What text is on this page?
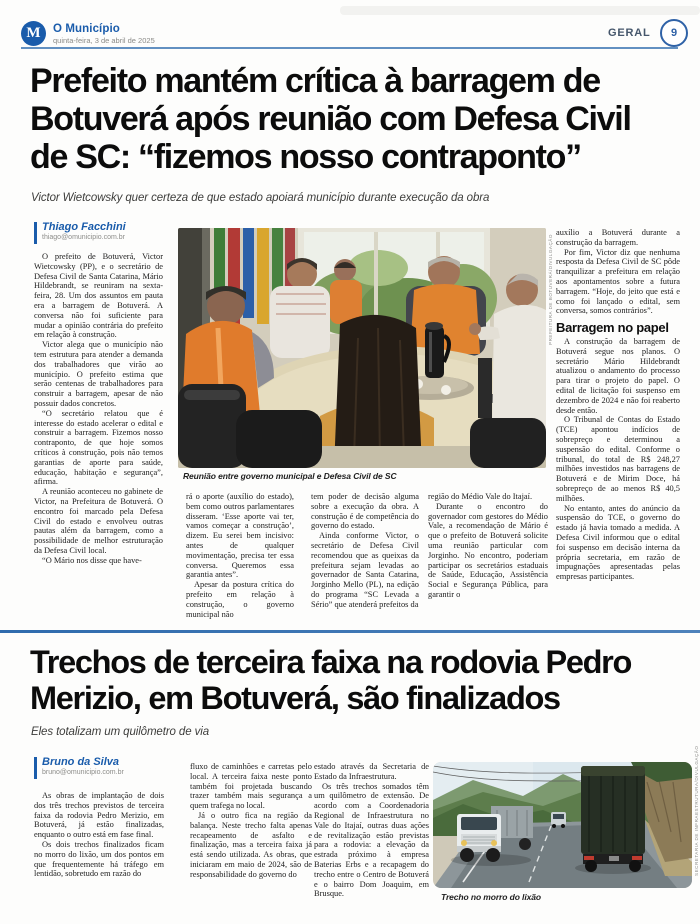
M O Município
quinta-feira, 3 de abril de 2025
GERAL 9
Prefeito mantém crítica à barragem de
Botuverá após reunião com Defesa Civil
de SC: “fizemos nosso contraponto”
Victor Wietcowsky quer certeza de que estado apoiará município durante execução da obra
Thiago Facchini
thiago@omunicipio.com.br

O prefeito de Botuverá, Victor Wietcowsky (PP), e o secretário de Defesa Civil de Santa Catarina, Mário Hildebrandt, se reuniram na sexta-feira, 28. Um dos assuntos em pauta era a barragem de Botuverá. A conversa não foi suficiente para mudar a opinião contrária do prefeito em relação à construção.

Victor alega que o município não tem estrutura para atender a demanda dos trabalhadores que virão ao município. O prefeito estima que serão centenas de trabalhadores para construir a barragem, apesar de não possuir dados concretos.

“O secretário relatou que é interesse do estado acelerar o edital e construir a barragem. Fizemos nosso contraponto, de que hoje somos críticos à construção, pois não temos garantias de aporte para saúde, educação, habitação e segurança”, afirma.

A reunião aconteceu no gabinete de Victor, na Prefeitura de Botuverá. O encontro foi marcado pela Defesa Civil do estado e envolveu outras pautas além da barragem, como a possibilidade de melhor estruturação da Defesa Civil local.

“O Mário nos disse que have-

Reunião entre governo municipal e Defesa Civil de SC
PREFEITURA DE BOTUVERÁ/DIVULGAÇÃO

rá o aporte (auxílio do estado), bem como outros parlamentares disseram. ‘Esse aporte vai ter, vamos começar a construção’, dizem. Eu serei bem incisivo: antes de qualquer movimentação, precisa ter essa conversa. Queremos essa garantia antes”.

Apesar da postura crítica do prefeito em relação à construção, o governo municipal não

tem poder de decisão alguma sobre a execução da obra. A construção é de competência do governo do estado.

Ainda conforme Victor, o secretário de Defesa Civil recomendou que as queixas da prefeitura sejam levadas ao governador de Santa Catarina, Jorginho Mello (PL), na edição do programa “SC Levada a Sério” que atenderá prefeitos da

região do Médio Vale do Itajaí.

Durante o encontro do governador com gestores do Médio Vale, a recomendação de Mário é que o prefeito de Botuverá solicite uma reunião particular com Jorginho. No encontro, poderiam participar os secretários estaduais de Saúde, Educação, Assistência Social e Segurança Pública, para garantir o

auxílio a Botuverá durante a construção da barragem.

Por fim, Victor diz que nenhuma resposta da Defesa Civil de SC pôde tranquilizar a prefeitura em relação aos apontamentos sobre a futura barragem. “Hoje, do jeito que está e como foi lançado o edital, sem conversa, somos contrários”.

Barragem no papel

A construção da barragem de Botuverá segue nos planos. O secretário Mário Hildebrandt atualizou o andamento do processo para tirar o projeto do papel. O edital de licitação foi suspenso em dezembro de 2024 e não foi reaberto desde então.

O Tribunal de Contas do Estado (TCE) apontou indícios de sobrepreço e determinou a suspensão do edital. Conforme o tribunal, do total de R$ 248,27 milhões investidos nas barragens de Botuverá e de Mirim Doce, há sobrepreço de ao menos R$ 40,5 milhões.

No entanto, antes do anúncio da suspensão do TCE, o governo do estado já havia tomado a medida. A Defesa Civil informou que o edital foi suspenso em decisão interna da própria secretaria, em razão de impugnações apresentadas pelas empresas participantes.

Trechos de terceira faixa na rodovia Pedro
Merizio, em Botuverá, são finalizados
Eles totalizam um quilômetro de via
Bruno da Silva
bruno@omunicipio.com.br

As obras de implantação de dois dos três trechos previstos de terceira faixa da rodovia Pedro Merizio, em Botuverá, já estão finalizadas, enquanto o outro está em fase final.

Os dois trechos finalizados ficam no morro do lixão, um dos pontos em que frequentemente há tráfego em lentidão, sobretudo em razão do

fluxo de caminhões e carretas pelo local. A terceira faixa neste ponto também foi projetada buscando trazer também mais segurança a quem trafega no local.

Já o outro fica na região da balança. Neste trecho falta apenas recapeamento de asfalto e finalização, mas a terceira faixa já está sendo utilizada. As obras, que iniciaram em maio de 2024, são de responsabilidade do governo do

estado através da Secretaria de Estado da Infraestrutura.

Os três trechos somados têm um quilômetro de extensão. De acordo com a Coordenadoria Regional de Infraestrutura no Vale do Itajaí, outras duas ações de revitalização estão previstas para a rodovia: a elevação da estrada próximo à empresa Baterias Erbs e a recapagem do trecho entre o Centro de Botuverá e o bairro Dom Joaquim, em Brusque.	Trecho no morro do lixão
SECRETARIA DE INFRAESTRUTURA/DIVULGAÇÃO
